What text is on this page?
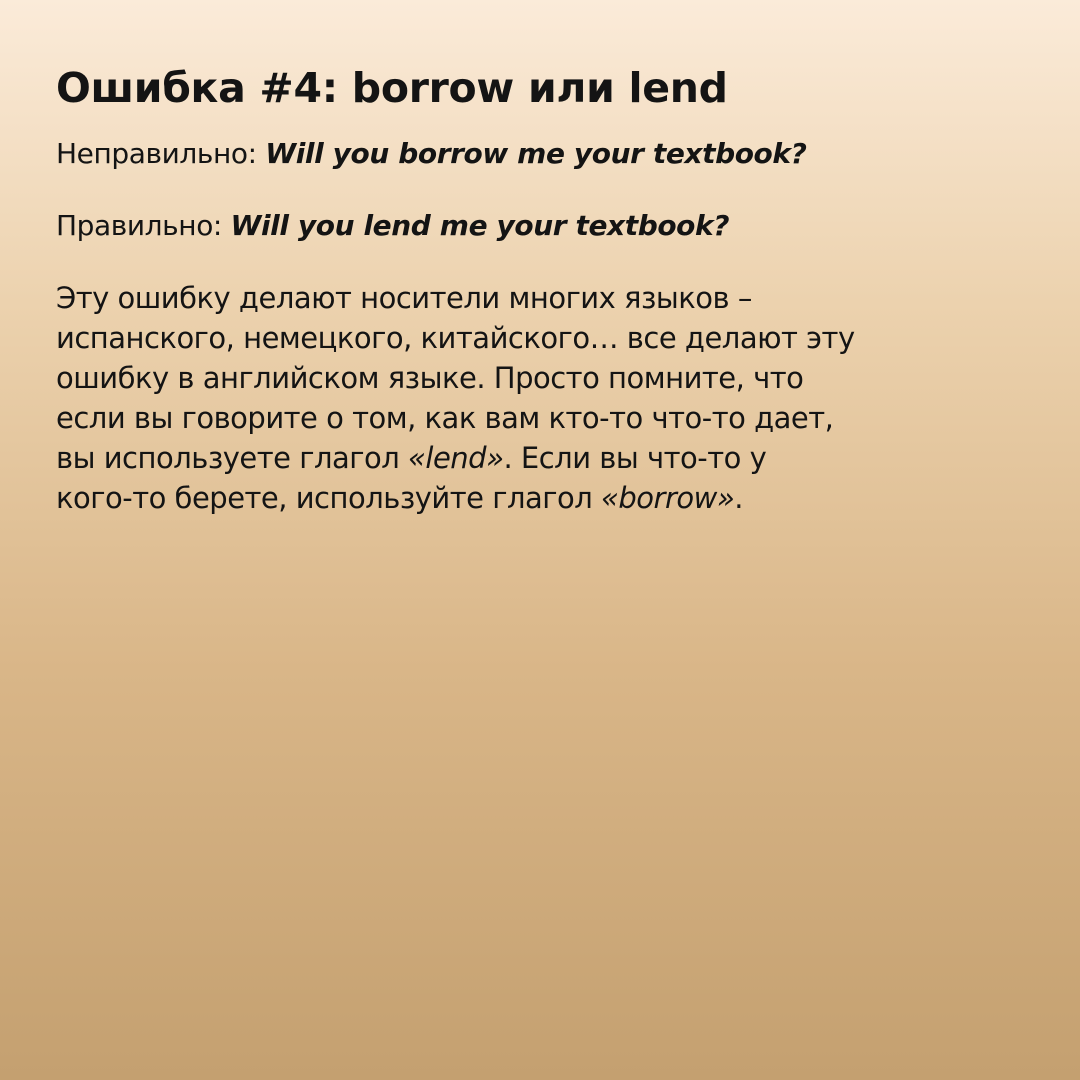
Ошибка #4: borrow или lend

Неправильно: Will you borrow me your textbook?

Правильно: Will you lend me your textbook?

Эту ошибку делают носители многих языков –
испанского, немецкого, китайского… все делают эту
ошибку в английском языке. Просто помните, что
если вы говорите о том, как вам кто-то что-то дает,
вы используете глагол «lend». Если вы что-то у
кого-то берете, используйте глагол «borrow».
